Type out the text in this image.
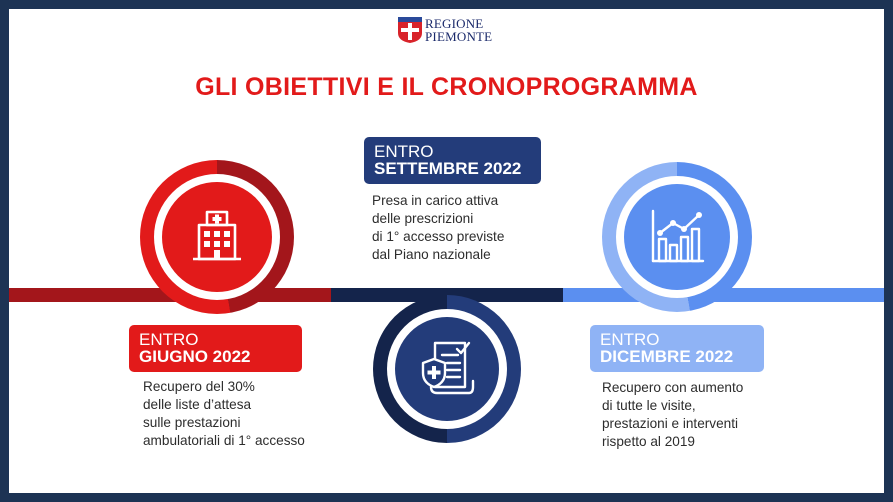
REGIONE
PIEMONTE
GLI OBIETTIVI E IL CRONOPROGRAMMA
ENTRO
GIUGNO 2022
ENTRO
SETTEMBRE 2022
ENTRO
DICEMBRE 2022
Recupero del 30%
delle liste d’attesa
sulle prestazioni
ambulatoriali di 1° accesso
Presa in carico attiva
delle prescrizioni
di 1° accesso previste
dal Piano nazionale
Recupero con aumento
di tutte le visite,
prestazioni e interventi
rispetto al 2019
